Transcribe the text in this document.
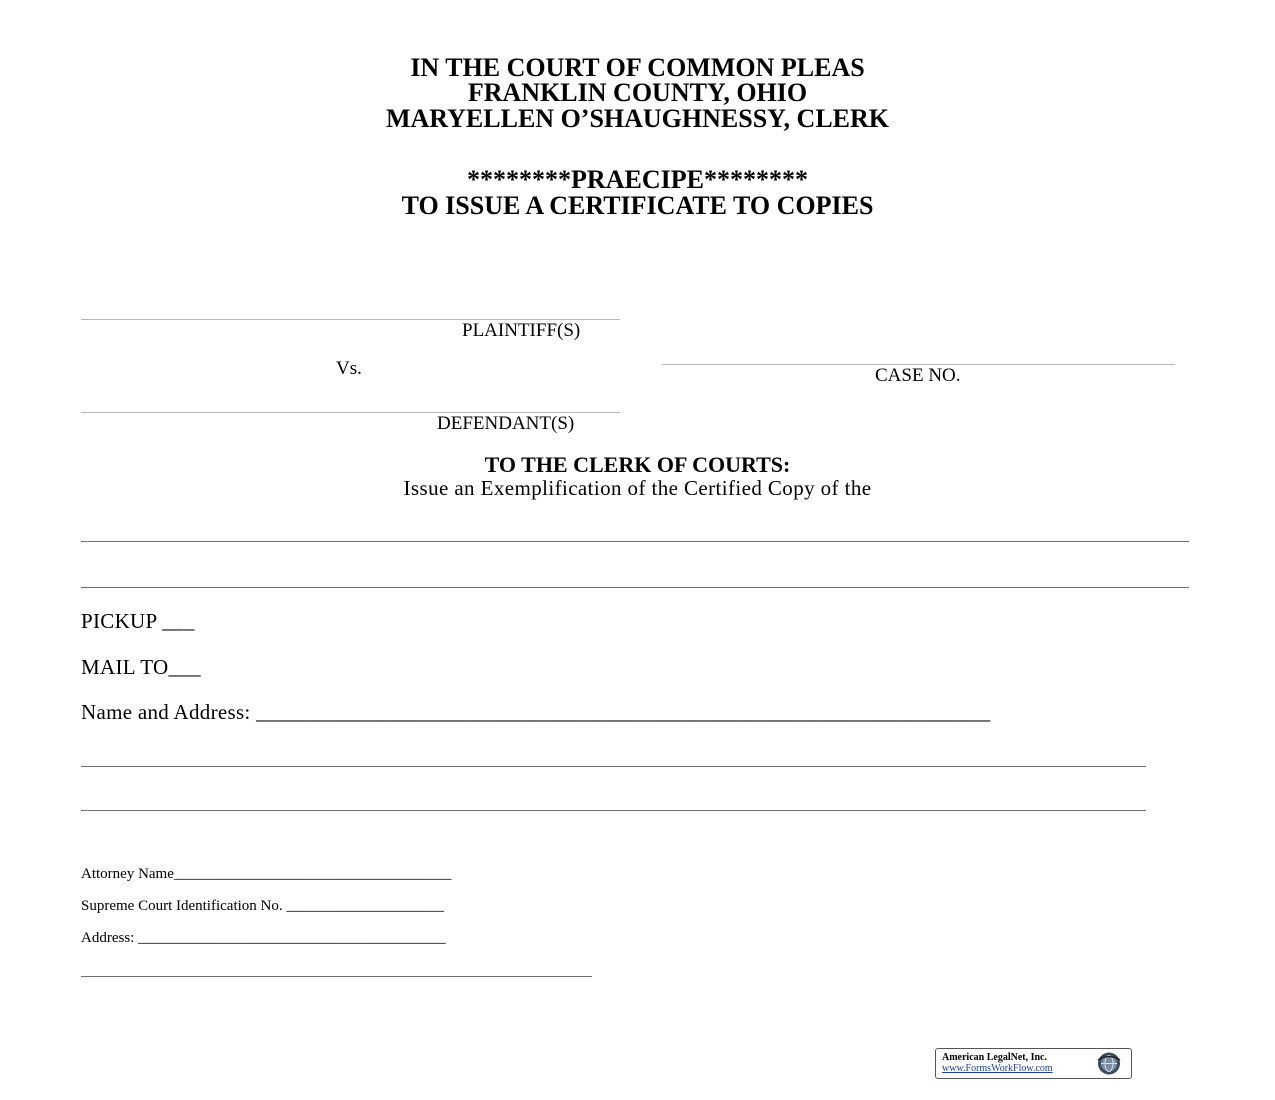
IN THE COURT OF COMMON PLEAS
FRANKLIN COUNTY, OHIO
MARYELLEN O’SHAUGHNESSY, CLERK
********PRAECIPE********
TO ISSUE A CERTIFICATE TO COPIES
PLAINTIFF(S)
Vs.	CASE NO.
DEFENDANT(S)
TO THE CLERK OF COURTS:
Issue an Exemplification of the Certified Copy of the
PICKUP ___
MAIL TO___
Name and Address: ____________________________________________________________________
Attorney Name_____________________________________
Supreme Court Identification No. _____________________
Address: _________________________________________
American LegalNet, Inc.
www.FormsWorkFlow.com
